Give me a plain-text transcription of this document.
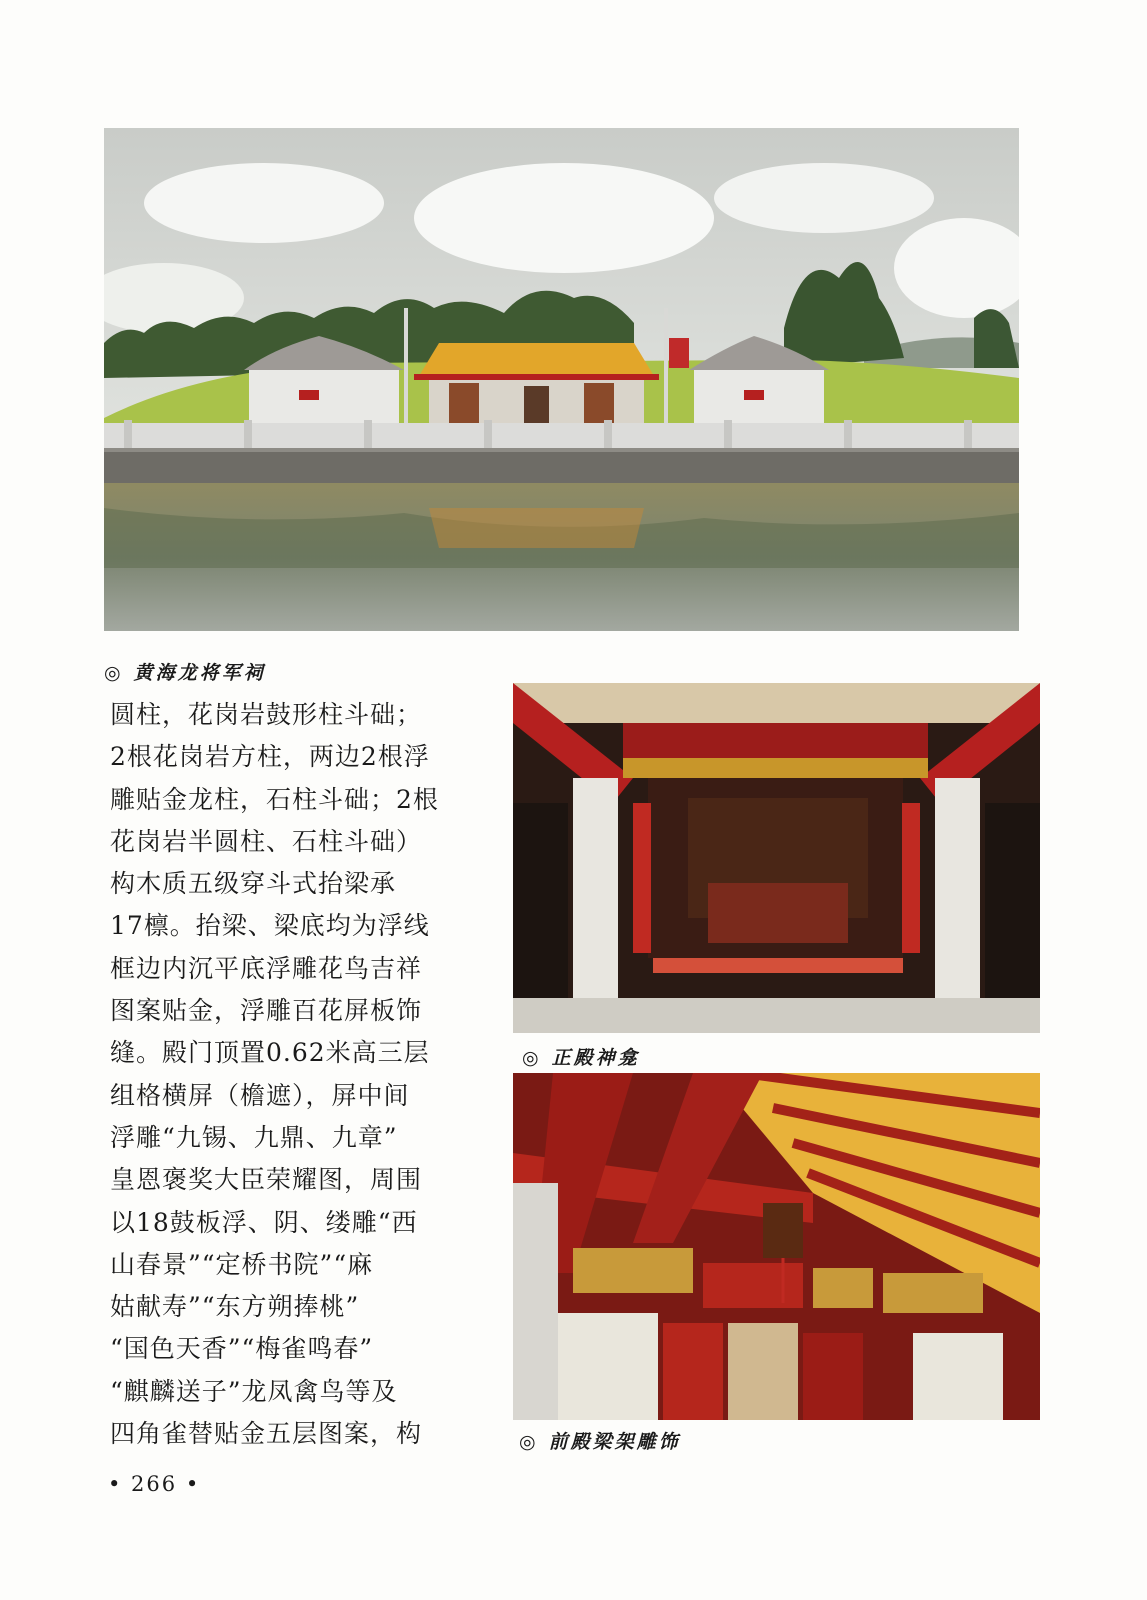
◎ 黄海龙将军祠
圆柱，花岗岩鼓形柱斗础；
2根花岗岩方柱，两边2根浮
雕贴金龙柱，石柱斗础；2根
花岗岩半圆柱、石柱斗础）
构木质五级穿斗式抬梁承
17檩。抬梁、梁底均为浮线
框边内沉平底浮雕花鸟吉祥
图案贴金，浮雕百花屏板饰
缝。殿门顶置0.62米高三层
组格横屏（檐遮），屏中间
浮雕“九锡、九鼎、九章”
皇恩褒奖大臣荣耀图，周围
以18鼓板浮、阴、缕雕“西
山春景”“定桥书院”“麻
姑献寿”“东方朔捧桃”
“国色天香”“梅雀鸣春”
“麒麟送子”龙凤禽鸟等及
四角雀替贴金五层图案，构
◎ 正殿神龛
◎ 前殿梁架雕饰
• 266 •
